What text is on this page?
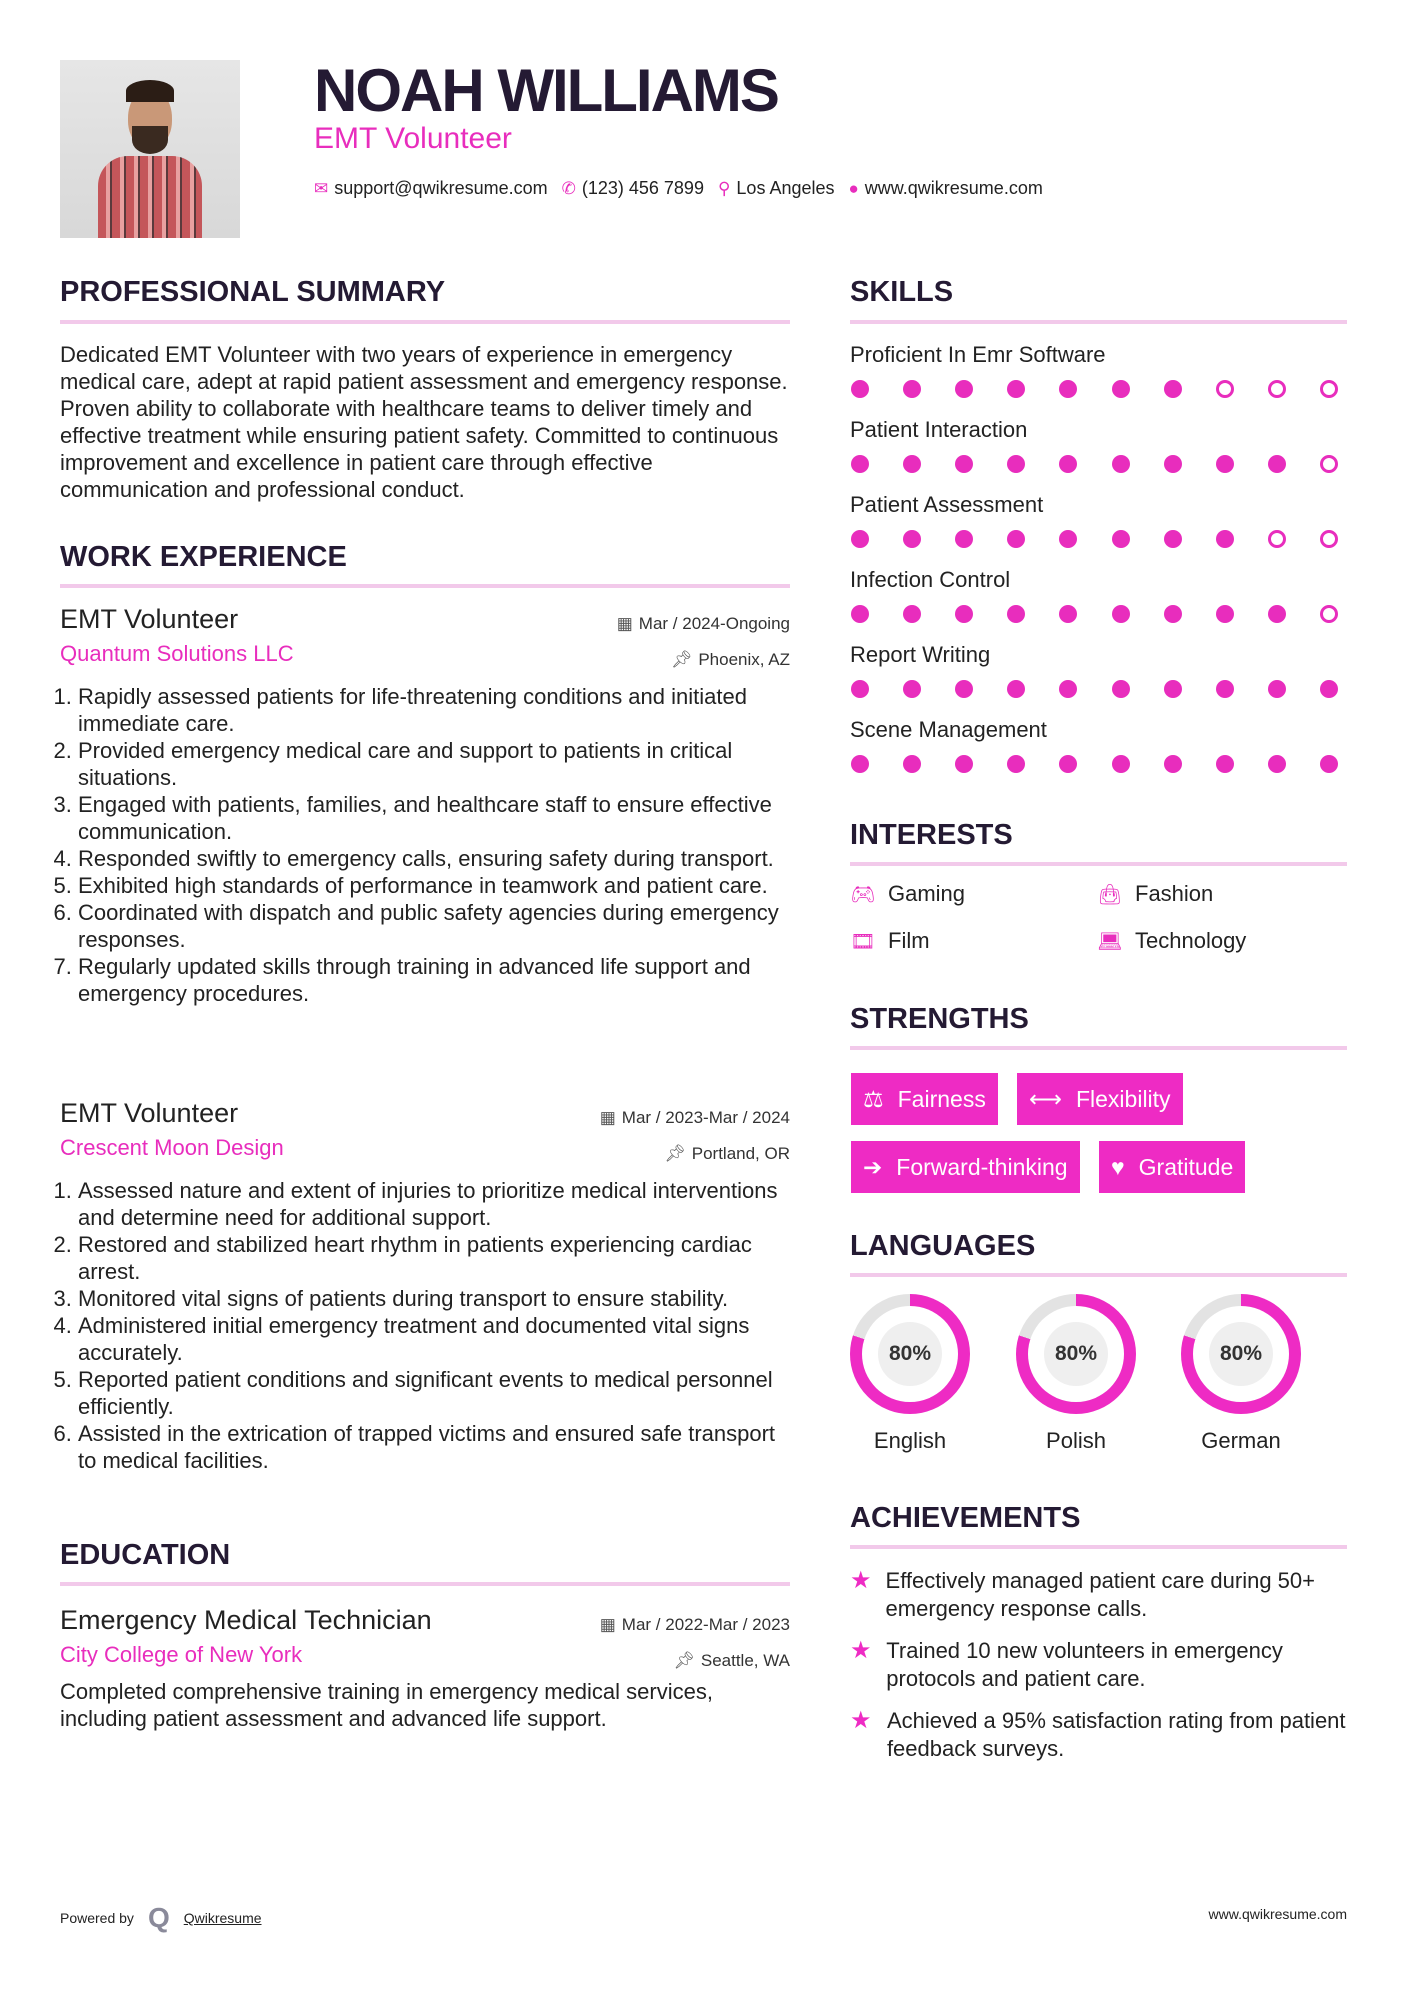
NOAH WILLIAMS
EMT Volunteer
✉ support@qwikresume.com ✆ (123) 456 7899 ⚲ Los Angeles ● www.qwikresume.com
PROFESSIONAL SUMMARY
Dedicated EMT Volunteer with two years of experience in emergency medical care, adept at rapid patient assessment and emergency response. Proven ability to collaborate with healthcare teams to deliver timely and effective treatment while ensuring patient safety. Committed to continuous improvement and excellence in patient care through effective communication and professional conduct.
WORK EXPERIENCE
EMT Volunteer
Quantum Solutions LLC
▦ Mar / 2024-Ongoing
📌︎ Phoenix, AZ
1. Rapidly assessed patients for life-threatening conditions and initiated immediate care.
2. Provided emergency medical care and support to patients in critical situations.
3. Engaged with patients, families, and healthcare staff to ensure effective communication.
4. Responded swiftly to emergency calls, ensuring safety during transport.
5. Exhibited high standards of performance in teamwork and patient care.
6. Coordinated with dispatch and public safety agencies during emergency responses.
7. Regularly updated skills through training in advanced life support and emergency procedures.
EMT Volunteer
Crescent Moon Design
▦ Mar / 2023-Mar / 2024
📌︎ Portland, OR
1. Assessed nature and extent of injuries to prioritize medical interventions and determine need for additional support.
2. Restored and stabilized heart rhythm in patients experiencing cardiac arrest.
3. Monitored vital signs of patients during transport to ensure stability.
4. Administered initial emergency treatment and documented vital signs accurately.
5. Reported patient conditions and significant events to medical personnel efficiently.
6. Assisted in the extrication of trapped victims and ensured safe transport to medical facilities.
EDUCATION
Emergency Medical Technician
City College of New York
▦ Mar / 2022-Mar / 2023
📌︎ Seattle, WA
Completed comprehensive training in emergency medical services, including patient assessment and advanced life support.
SKILLS
Proficient In Emr Software
Patient Interaction
Patient Assessment
Infection Control
Report Writing
Scene Management
INTERESTS
🎮︎ Gaming	👜︎ Fashion
🎞︎ Film	💻︎ Technology
STRENGTHS
⚖ Fairness ⟷ Flexibility
➔ Forward-thinking ♥ Gratitude
LANGUAGES
80%
English
80%
Polish
80%
German
ACHIEVEMENTS
★ Effectively managed patient care during 50+ emergency response calls.
★ Trained 10 new volunteers in emergency protocols and patient care.
★ Achieved a 95% satisfaction rating from patient feedback surveys.
Powered by Q Qwikresume	www.qwikresume.com
